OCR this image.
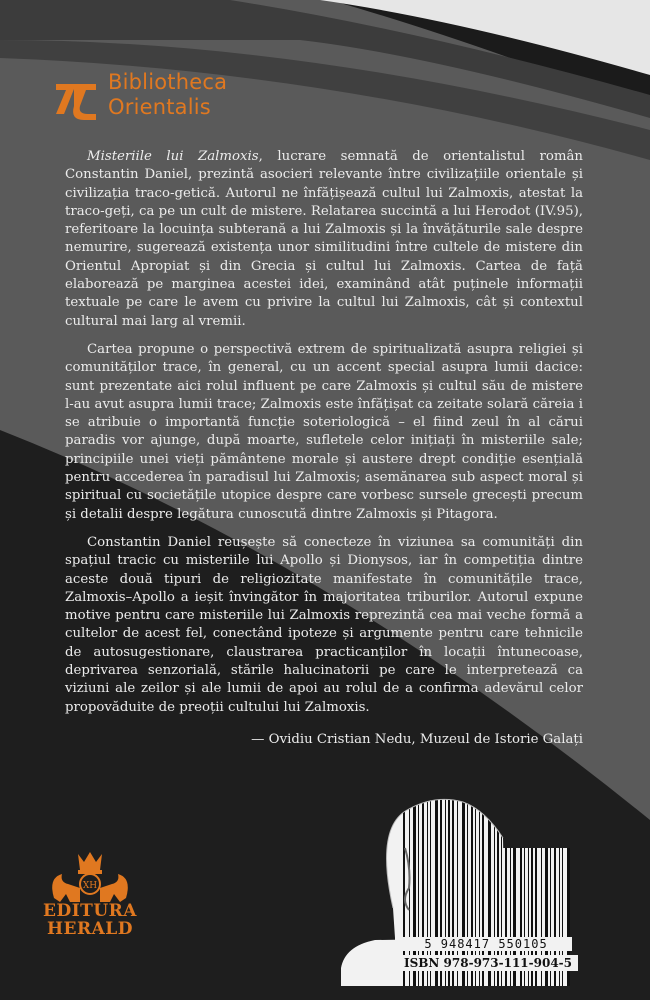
Bibliotheca
Orientalis

Misteriile lui Zalmoxis, lucrare semnată de orientalistul român Constantin Daniel, prezintă asocieri relevante între civilizațiile orientale și civilizația traco-getică. Autorul ne înfățișează cultul lui Zalmoxis, atestat la traco-geți, ca pe un cult de mistere. Relatarea succintă a lui Herodot (IV.95), referitoare la locuința subterană a lui Zalmoxis și la învățăturile sale despre nemurire, sugerează existența unor similitudini între cultele de mistere din Orientul Apropiat și din Grecia și cultul lui Zalmoxis. Cartea de față elaborează pe marginea acestei idei, examinând atât puținele informații textuale pe care le avem cu privire la cultul lui Zalmoxis, cât și contextul cultural mai larg al vremii.

Cartea propune o perspectivă extrem de spiritualizată asupra religiei și comunităților trace, în general, cu un accent special asupra lumii dacice: sunt prezentate aici rolul influent pe care Zalmoxis și cultul său de mistere l-au avut asupra lumii trace; Zalmoxis este înfățișat ca zeitate solară căreia i se atribuie o importantă funcție soteriologică – el fiind zeul în al cărui paradis vor ajunge, după moarte, sufletele celor inițiați în misteriile sale; principiile unei vieți pământene morale și austere drept condiție esențială pentru accederea în paradisul lui Zalmoxis; asemănarea sub aspect moral și spiritual cu societățile utopice despre care vorbesc sursele grecești precum și detalii despre legătura cunoscută dintre Zalmoxis și Pitagora.

Constantin Daniel reușește să conecteze în viziunea sa comunități din spațiul tracic cu misteriile lui Apollo și Dionysos, iar în competiția dintre aceste două tipuri de religiozitate manifestate în comunitățile trace, Zalmoxis–Apollo a ieșit învingător în majoritatea triburilor. Autorul expune motive pentru care misteriile lui Zalmoxis reprezintă cea mai veche formă a cultelor de acest fel, conectând ipoteze și argumente pentru care tehnicile de autosugestionare, claustrarea practicanților în locații întunecoase, deprivarea senzorială, stările halucinatorii pe care le interpretează ca viziuni ale zeilor și ale lumii de apoi au rolul de a confirma adevărul celor propovăduite de preoții cultului lui Zalmoxis.

— Ovidiu Cristian Nedu, Muzeul de Istorie Galați

XH
EDITURA
HERALD
5 948417 550105
ISBN 978-973-111-904-5
